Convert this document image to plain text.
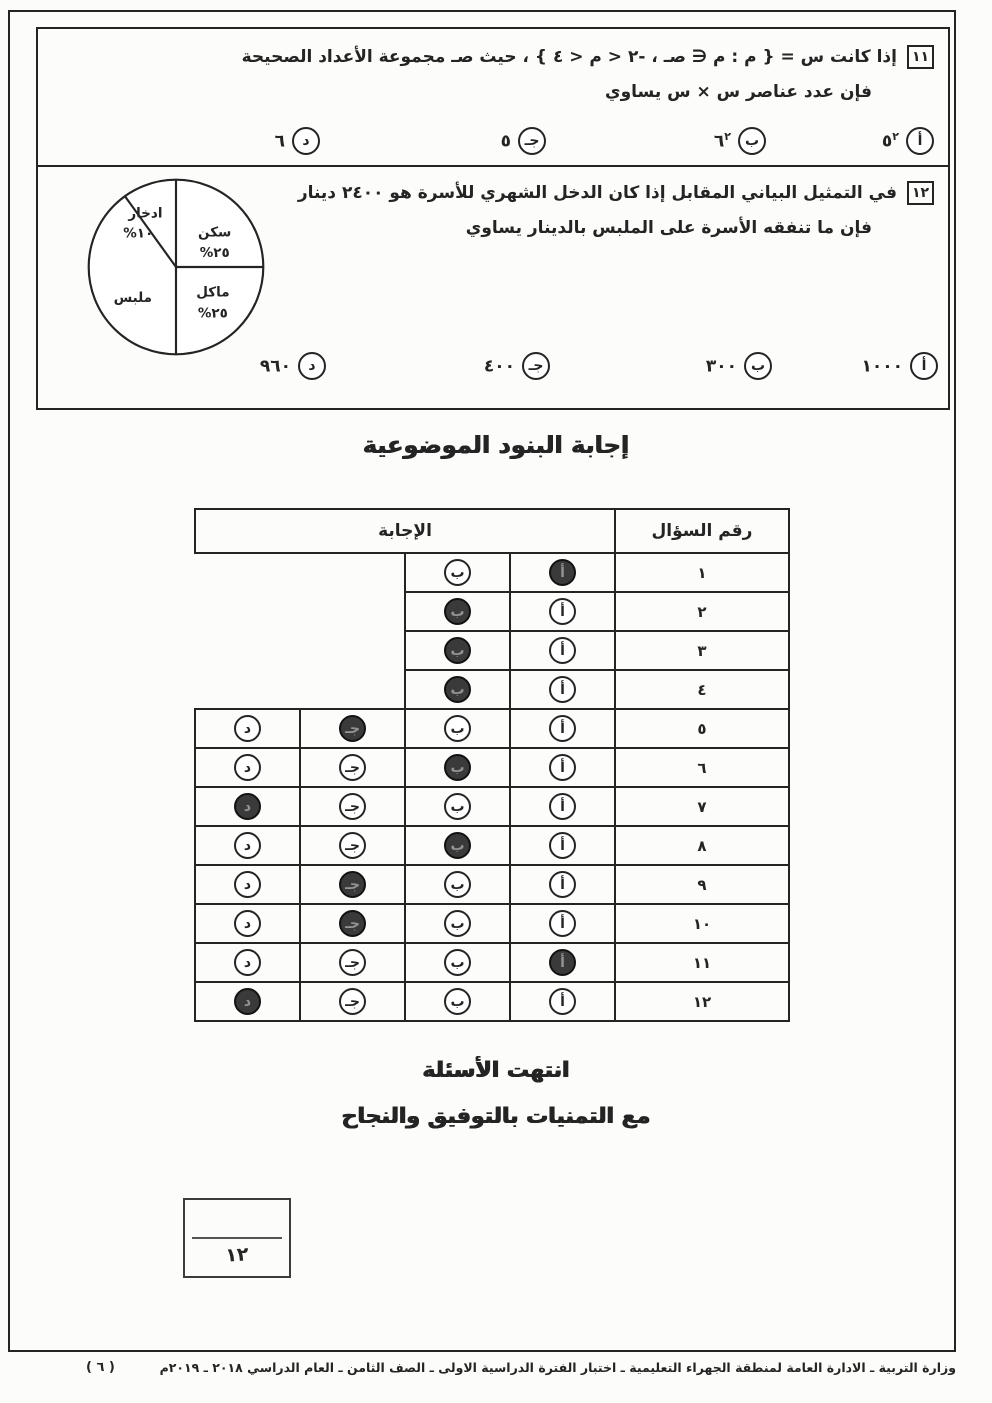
١١
إذا كانت س = { م : م ∈ صـ ، -٢ < م < ٤ } ، حيث صـ مجموعة الأعداد الصحيحة
فإن عدد عناصر س × س يساوي
أ
$٥^٢$
ب
$٦^٢$
جـ
٥
د
٦
١٢
في التمثيل البياني المقابل إذا كان الدخل الشهري للأسرة هو ٢٤٠٠ دينار
فإن ما تنفقه الأسرة على الملبس بالدينار يساوي
سكن
%٢٥
ماكل
%٢٥
ملبس
ادخار
%١٠
أ
١٠٠٠
ب
٣٠٠
جـ
٤٠٠
د
٩٦٠
إجابة البنود الموضوعية
رقم السؤال	الإجابة			
١	أ	ب		
٢	أ	ب		
٣	أ	ب		
٤	أ	ب		
٥	أ	ب	جـ	د
٦	أ	ب	جـ	د
٧	أ	ب	جـ	د
٨	أ	ب	جـ	د
٩	أ	ب	جـ	د
١٠	أ	ب	جـ	د
١١	أ	ب	جـ	د
١٢	أ	ب	جـ	د
انتهت الأسئلة
مع التمنيات بالتوفيق والنجاح
١٢
وزارة التربية ـ الادارة العامة لمنطقة الجهراء التعليمية ـ اختبار الفترة الدراسية الاولى ـ الصف الثامن ـ العام الدراسي ٢٠١٨ ـ ٢٠١٩م
( ٦ )
